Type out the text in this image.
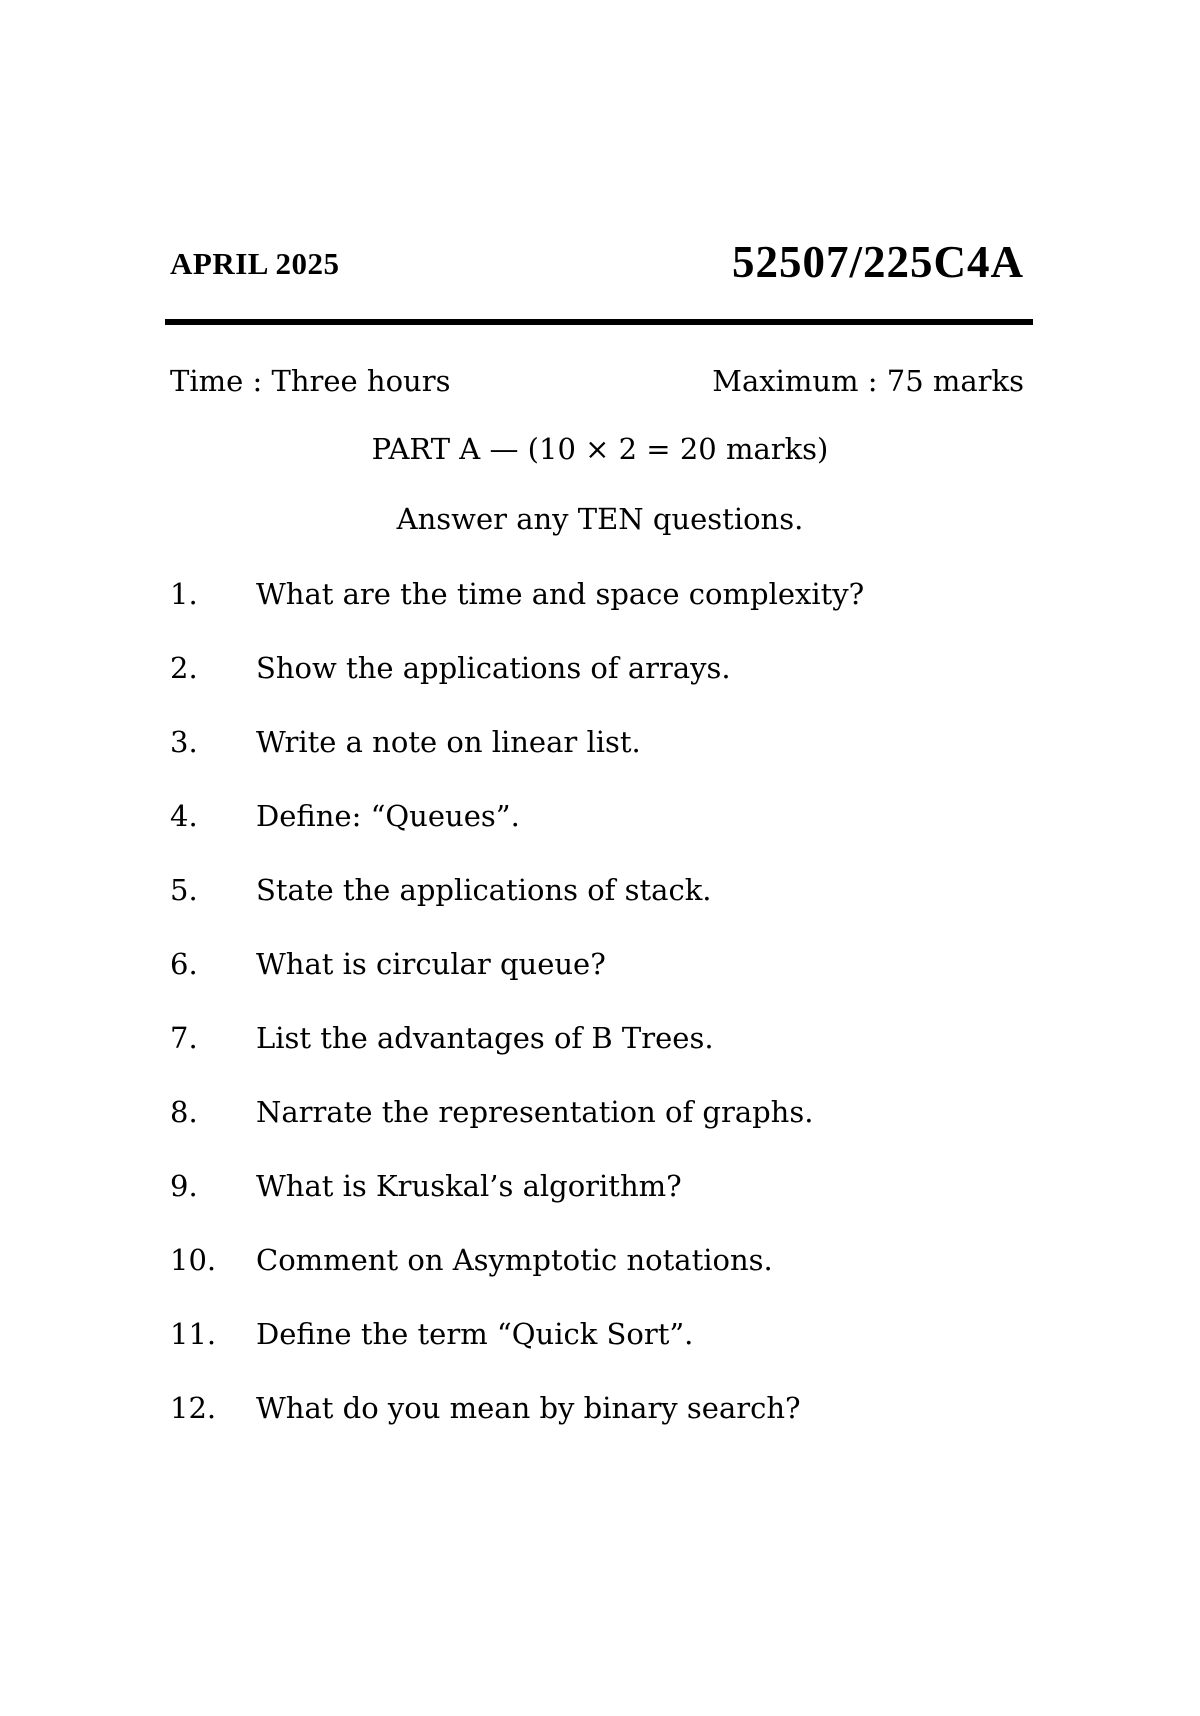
APRIL 2025	52507/225C4A
Time : Three hours	Maximum : 75 marks
PART A — (10 × 2 = 20 marks)
Answer any TEN questions.
1.	What are the time and space complexity?
2.	Show the applications of arrays.
3.	Write a note on linear list.
4.	Define: “Queues”.
5.	State the applications of stack.
6.	What is circular queue?
7.	List the advantages of B Trees.
8.	Narrate the representation of graphs.
9.	What is Kruskal’s algorithm?
10.	Comment on Asymptotic notations.
11.	Define the term “Quick Sort”.
12.	What do you mean by binary search?
